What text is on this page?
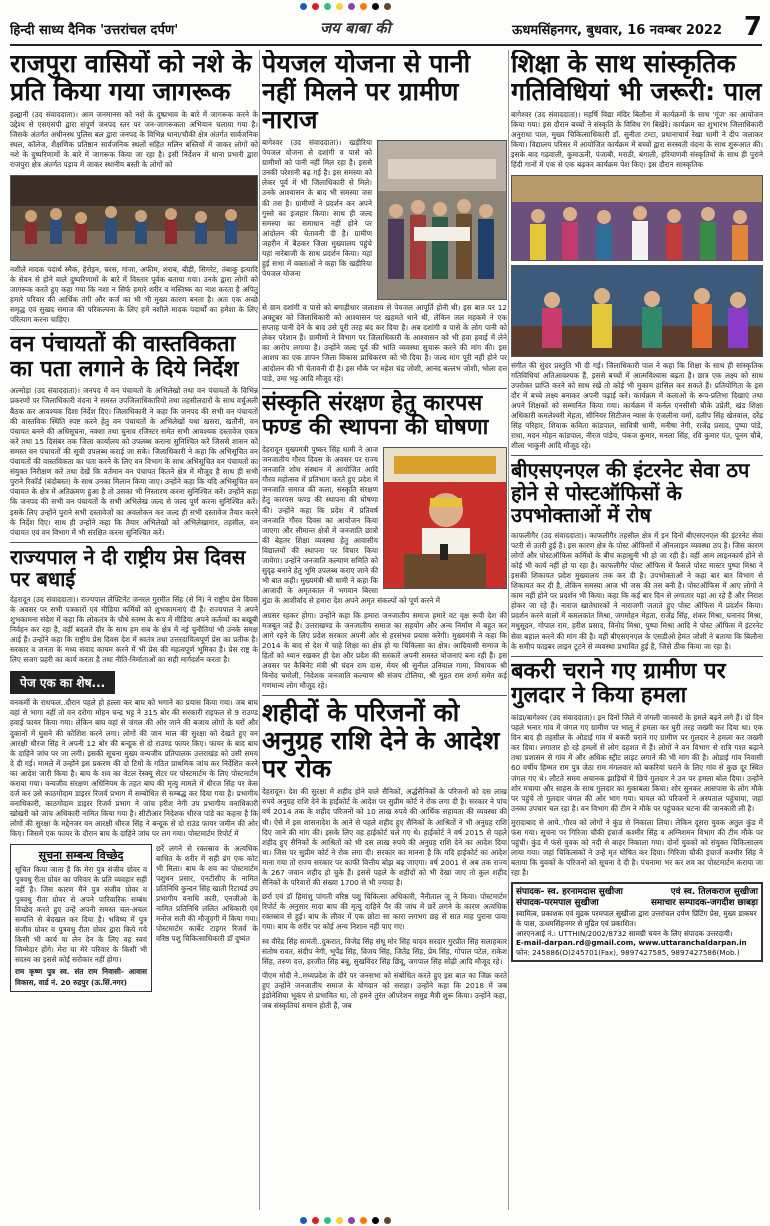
हिन्दी साध्य दैनिक 'उत्तरांचल दर्पण'	जय बाबा की	ऊधमसिंहनगर, बुधवार, 16 नवम्बर 2022 7
राजपुरा वासियों को नशे के प्रति किया गया जागरूक

हल्द्वानी (उद संवाददाता)। आम जनमानस को नशे के दुष्प्रभाव के बारे में जागरूक करने के उद्देश्य से एसएसपी द्वारा संपूर्ण जनपद स्तर पर जन-जागरूकता अभियान चलाया गया है। जिसके अंतर्गत अधीनस्थ पुलिस बल द्वारा जनपद के विभिन्न थाना/चौकी क्षेत्र अंतर्गत सार्वजनिक स्थल, कॉलेज, शैक्षणिक प्रतिष्ठान सार्वजनिक स्थलों सहित मलिन बस्तियों में जाकर लोगों को नशे के दुष्परिणामों के बारे में जागरूक किया जा रहा है। इसी निर्देशन में थाना प्रभारी द्वारा राजपुरा क्षेत्र अंतर्गत पड़ाव में जाकर स्थानीय बस्ती के लोगों को

नशीले मादक पदार्थ स्मैक, हेरोइन, चरस, गांजा, अफीम, शराब, बीड़ी, सिगरेट, तंबाकू इत्यादि के सेवन से होने वाले दुष्परिणामों के बारे में विस्तार पूर्वक बताया गया। उनके द्वारा लोगों को जागरूक करते हुए कहा गया कि नशा न सिर्फ हमारे शरीर व मस्तिष्क का नाश करता है अपितु हमारे परिवार की आर्थिक तंगी और कर्ज का भी भी मुख्य कारण बनता है। अतः एक अच्छे समृद्ध एवं सुखद समाज की परिकल्पना के लिए हमें नशीले मादक पदार्थों का हमेशा के लिए परित्याग करना चाहिए।

वन पंचायतों की वास्तविकता का पता लगाने के दिये निर्देश

अल्मोड़ा (उद संवाददाता)। जनपद में वन पंचायतों के अभिलेखों तथा वन पंचायतों के विभिन्न प्रकरणों पर जिलाधिकारी वंदना ने समस्त उपजिलाधिकारियों तथा तहसीलदारों के साथ वर्चुअली बैठक कर आवश्यक दिशा निर्देश दिए। जिलाधिकारी ने कहा कि जनपद की सभी वन पंचायतों की वास्तविक स्थिति स्पष्ट करने हेतु वन पंचायतों के अभिलेखों यथा खसरा, खतौनी, वन पंचायत बनने की अधिसूचना, नक्शा तथा चुनाव रजिस्टर समेत सभी आवश्यक दस्तावेज एकत्र करें तथा 15 दिसंबर तक जिला कार्यालय को उपलब्ध कराना सुनिश्चित करें जिससे शासन को समस्त वन पंचायतों की सूची उपलब्ध कराई जा सके। जिलाधिकारी ने कहा कि अभिसूचित वन पंचायतों की वास्तविकता का पता करने के लिए वन विभाग के साथ अभिसूचित वन पंचायतों का संयुक्त निरीक्षण करें तथा देखें कि वर्तमान वन पंचायत कितने क्षेत्र में मौजूद है साथ ही सभी पुराने रिकॉर्ड (बंदोबस्त) के साथ उनका मिलान किया जाए। उन्होंने कहा कि यदि अभिसूचित वन पंचायत के क्षेत्र में अतिक्रमण हुआ है तो उसका भी निस्तारण करना सुनिश्चित करें। उन्होंने कहा कि जनपद की सभी वन पंचायतों के सभी अभिलेख जल्द से जल्द पूर्ण करना सुनिश्चित करें। इसके लिए उन्होंने पुराने सभी दस्तावेजों का अवलोकन कर जल्द ही सभी दस्तावेज तैयार करने के निर्देश दिए। साथ ही उन्होंने कहा कि तैयार अभिलेखों को अभिलेखागार, तहसील, वन पंचायत एवं वन विभाग में भी संरक्षित करना सुनिश्चित करें।

राज्यपाल ने दी राष्ट्रीय प्रेस दिवस पर बधाई

देहरादून (उद संवाददाता)। राज्यपाल लेफ्टिनेंट जनरल गुरमीत सिंह (से नि) ने राष्ट्रीय प्रेस दिवस के अवसर पर सभी पत्रकारों एवं मीडिया कर्मियों को शुभकामनाएं दी हैं। राज्यपाल ने अपने शुभकामना संदेश में कहा कि लोकतंत्र के चौथे स्तम्भ के रूप में मीडिया अपने कर्तव्यों का बखूबी निर्वहन कर रहा है, वहीं बदलते दौर के साथ हम सब के क्षेत्र में नई चुनौतियां भी उनके समक्ष आई हैं। उन्होंने कहा कि राष्ट्रीय प्रेस दिवस देश में स्वतंत्र तथा उत्तरदायित्वपूर्ण प्रेस का प्रतीक है। सरकार व जनता के मध्य संवाद कायम करने में भी प्रेस की महत्वपूर्ण भूमिका है। प्रेस राष्ट्र के लिए सजग प्रहरी का कार्य करता है तथा नीति-निर्माताओं का सही मार्गदर्शन करता है।

पेज एक का शेष...

वनकर्मी के राधफल..दौरान पहले हो हल्ला कर बाघ को भगाने का प्रयास किया गया। जब बाघ वहां से भागा नहीं तो वन दरोगा मोहन चन्द्र भट्ट ने 315 बोर की सरकारी राइफल से 9 राउण्ड हवाई फायर किया गया। लेकिन बाघ वहां से जंगल की ओर जाने की बजाय लोगों के घरों और दुकानों में घुसने की कोशिश करने लगा। लोगों की जान माल की सुरक्षा को देखते हुए वन आरक्षी धीरज सिंह ने अपनी 12 बोर की बन्दूक से दो राउण्ड फायर किए। फायर के बाद बाघ के दाहिने जांघ पर जा लगी। इसकी सूचना मुख्य वन्यजीव प्रतिपालक उत्तराखंड को उसी समय दे दी गई। मामले में उन्होंने इस प्रकरण की दो टिमों के गठित प्राथमिक जांच कर निर्देशित करने का आदेश जारी किया है। बाघ के शव का वेटल रेस्क्यू सेंटर पर पोस्टमार्टम के लिए पोस्टमार्टम कराया गया। वन्यजीव संरक्षण अधिनियम के तहत बाघ की मृत्यु मामले में धीरज सिंह पर केस दर्ज कर उसे काठगोदाम डाइरर रिजर्व प्रभाग में सम्बोधित से सम्बद्ध कर दिया गया है। प्रभागीय वनाधिकारी, काठगोदाम डाइरर रिजर्व प्रभाग ने जांच हरीश नेगी उप प्रभागीय वनाधिकारी खोखरी को जांच अधिकारी नामित किया गया है। सीटीआर निदेशक धीरज पांडे का कहना है कि लोगों की सुरक्षा के मद्देनजर वन आरक्षी धीरज सिंह ने बन्दूक से दो राउंड फायर जमीन की ओर किए। जिसमें एक फायर के दौरान बाघ के दाहिने जांघ पर लग गया। पोस्टमार्टम रिपोर्ट में

सूचना सम्बन्ध विच्छेद

सूचित किया जाता है कि मेरा पुत्र संजीव ग्रोवर व पुत्रवधु रीता ग्रोवर का परिवार के प्रति व्यवहार सही नहीं है। जिस कारण मैंने पुत्र संजीव ग्रोवर व पुत्रवधु रीता ग्रोवर से अपने पारिवारिक सम्बंध विच्छेद करते हुए उन्हें अपनी समस्त चल-अचल सम्पत्ति से बेदखल कर दिया है। भविष्य में पुत्र संजीव ग्रोवर व पुत्रवधु रीता ग्रोवर द्वारा किये गये किसी भी कार्य या लेन देन के लिए वह स्वयं जिम्मेदार होंगे। मेरा या मेरे परिवार के किसी भी सदस्य का इससे कोई सरोकार नहीं होगा।

राम कृष्ण पुत्र स्व. संत राम निवासी- आवास विकास, वार्ड नं. 20 रुद्रपुर (ऊ.सिं.नगर)

छर्रे लगने से रक्तस्राव के अत्यधिक बाधित के शरीर में सही ढंग एक कोट भी मिला। बाघ के शव का पोस्टमार्टम पशुधन प्रसार, एनटीसीए के नामित प्रतिनिधि कुन्दन सिंह खाती रिटायर्ड उप प्रभागीय वनाधि कारी, एनजीओ के नामित प्रतिनिधि ललित अधिकारी एवं मनोज सती की मौजूदगी में किया गया। पोस्टमार्टम कार्बेट टाइगर रिजर्व के वरिष्ठ पशु चिकित्साधिकारी डॉ दुष्यंत

पेयजल योजना से पानी नहीं मिलने पर ग्रामीण नाराज

बागेश्वर (उद संवाददाता)। खड़ीरिया पेयजल योजना से दशांगी व पासे को ग्रामीणों को पानी नहीं मिल रहा है। इससे उनकी परेशानी बढ़ गई है। इस समस्या को लेकर पूर्व में भी जिलाधिकारी से मिले। उनके आश्वासन के बाद भी समस्या जस की तस है। ग्रामीणों ने प्रदर्शन कर अपने गुस्से का इजहार किया। साथ ही जल्द समस्या का समाधान नहीं होने पर आंदोलन की चेतावनी दी है। ग्रामीण जहरीन में बैठकर जिला मुख्यालय पहुंचे यहां नारेबाजी के साथ प्रदर्शन किया। यहां हुई सभा में वक्ताओं ने कहा कि खड़ीरिया पेयजल योजना

से ग्राम दशांगी व पासे को बगाड़ीधार जलाशय से पेयजल आपूर्ति होनी थी। इस बात पर 12 अक्टूबर को जिलाधिकारी को आश्वासन पर खहमते थाने थी, लेकिन जल महकमे ने एक सप्ताह पानी देने के बाद उसे पूरी तरह बंद कर दिया है। अब दशांगी व पासे के लोग पानी को लेकर परेशान हैं। ग्रामीणों ने विभाग पर जिलाधिकारी के आश्वासन को भी हवा हवाई में लेने का आरोप लगाया है। उन्होंने जल्द पूर्व की भांति व्यवस्था सुचारू करने की मांग की। इस आशय का एक ज्ञापन जिला विकास प्राधिकरण को भी दिया है। जल्द मांग पूरी नहीं होने पर आंदोलन की भी चेतावनी दी है। इस मौके पर महेश चंद्र जोशी, आनंद बल्लभ जोशी, भोला दत्त पांडे, उमा भट्ट आदि मौजूद रहे।

संस्कृति संरक्षण हेतु कारपस फण्ड की स्थापना की घोषणा

देहरादून मुख्यमंत्री पुष्कर सिंह धामी ने आज जनजातीय गौरव दिवस के अवसर पर राज्य जनजाति शोध संस्थान में आयोजित आदि गौरव महोत्सव में प्रतिभाग करते हुए प्रदेश में जनजाति समाज की कला, संस्कृति संरक्षण हेतु कारपस फण्ड की स्थापना की घोषणा की। उन्होंने कहा कि प्रदेश में प्रतिवर्ष जनजाति गौरव दिवस का आयोजन किया जाएगा और सीमान्त क्षेत्रों में जनजाति छात्रों की बेहतर शिक्षा व्यवस्था हेतु आवासीय विद्यालयों की स्थापना पर विचार किया जायेगा। उन्होंने जनजाति कल्याण समिति को सुदृढ़ बनाने हेतु भूमि उपलब्ध कराए जाने की भी बात कही। मुख्यमंत्री श्री धामी ने कहा कि आजादी के अमृतकाल में भगवान बिरसा मुंडा के आशीर्वाद से हमारा देश अपने अमृत संकल्पों को पूर्ण करने में

अग्रसर रहकर होगा। उन्होंने कहा कि हमारा जनजातीय समाज हमारे वट वृक्ष रूपी देश की मजबूत जड़ें हैं। उत्तराखण्ड के जनजातीय समाज का सहयोग और अन्य निर्माण में बहुत कर आगे रहने के लिए प्रदेश सरकार अपनी ओर से हरसंभव प्रयास करेगी। मुख्यमंत्री ने कहा कि 2014 के बाद से देश में चाहे शिक्षा का क्षेत्र हो या चिकित्सा का क्षेत्र। आदिवासी समाज के हितों को ध्यान रखकर ही देश और प्रदेश की सरकारें अपनी समस्त योजनाएं बना रही हैं। इस अवसर पर कैबिनेट मंत्री श्री चंदन राम दास, मेयर श्री सुनील उनियाल गामा, विधायक श्री विनोद चमोली, निदेशक जनजाति कल्याण श्री संजय टोलिया, श्री मुहत राम शर्मा समेत कई गणमान्य लोग मौजूद रहे।

शहीदों के परिजनों को अनुग्रह राशि देने के आदेश पर रोक

देहरादून। देश की सुरक्षा में शहीद होने वाले सैनिकों, अर्द्धसैनिकों के परिजनों को दस लाख रुपये अनुग्रह राशि देने के हाईकोर्ट के आदेश पर सुप्रीम कोर्ट ने रोक लगा दी है। सरकार ने पांच वर्ष 2014 तक के शहीद परिजनों को 10 लाख रुपये की आर्थिक सहायता की व्यवस्था की थी। ऐसे में इस शासनादेश के आने से पहले शहीद हुए सैनिकों के आश्रितों ने भी अनुग्रह राशि दिए जाने की मांग की। इसके लिए वह हाईकोर्ट चले गए थे। हाईकोर्ट ने वर्ष 2015 से पहले शहीद हुए सैनिकों के आश्रितों को भी दस लाख रुपये की अनुग्रह राशि देने का आदेश दिया था। जिस पर सुप्रीम कोर्ट ने रोक लगा दी। सरकार का मानना है कि यदि हाईकोर्ट का आदेश माना गया तो राज्य सरकार पर काफी वित्तीय बोझ बढ़ जाएगा। वर्ष 2001 से अब तक राज्य के 267 जवान शहीद हो चुके हैं। इससे पहले के शहीदों को भी देखा जाए तो कुल शहीद सैनिकों के परिवारों की संख्या 1700 से भी ज्यादा है।

छर्रा एवं डॉ हिमांशु पांगती वरिष्ठ पशु चिकित्सा अधिकारी, नैनीताल जू ने किया। पोस्टमार्टम रिपोर्ट के अनुसार मादा बाघ की मृत्यु दाहिने पैर की जांघ में छर्रे लगने के कारण अत्यधिक रक्तस्राव से हुई। बाघ के लीवर में एक छोटा सा कारा लगभग छह से सात माह पुराना पाया गया। बाघ के शरीर पर कोई अन्य निशान नहीं पाए गए।

स्व वीरेंद्र सिंह सामंती..दुकरात, विजेंद्र सिंह संधू मोर सिंह यादव सरदार गुरप्रीत सिंह सलाहकार संतोष रावत, संदीप नेगी, भूपेंद्र सिंह, विजय सिंह, जितेंद्र सिंह, प्रेम सिंह, गोपाल पटेल, राकेश सिंह, तरुण दत्त, हरजीत सिंह बंबू, सुखविंदर सिंह छिंदू, जगपाल सिंह सोढ़ी आदि मौजूद रहे।

पीएम मोदी ने..मध्यप्रदेश के दौरे पर जनसभा को संबोधित करते हुए इस बात का जिक्र करते हुए उन्होंने जनजातीय समाज के योगदान को सराहा। उन्होंने कहा कि 2018 में जब इंडोनेशिया भूकंप से प्रभावित था, तो हमने तुरंत ऑपरेशन समुद्र मैत्री शुरू किया। उन्होंने कहा, जब संस्कृतियां समान होती हैं, जब

शिक्षा के साथ सांस्कृतिक गतिविधियां भी जरूरी: पाल

बागेश्वर (उद संवाददाता)। महर्षि विद्या मंदिर बिलौना में कार्यक्रमों के साथ 'गूंज' का आयोजन किया गया। इस दौरान बच्चों ने संस्कृति के विविध रंग बिखेरे। कार्यक्रम का शुभारंभ जिलाधिकारी अनुराधा पाल, मुख्य चिकित्साधिकारी डॉ. सुनीता टम्टा, प्रधानाचार्य रेखा धामी ने दीप जलाकर किया। विद्यालय परिसर में आयोजित कार्यक्रम में बच्चों द्वारा सरस्वती वंदना के साथ शुरूआत की। इसके बाद गढ़वाली, कुमाऊनी, पंजाबी, मराठी, बंगाली, हरियाणवी संस्कृतियों के साथ ही पुराने हिंदी गानों में एक से एक बढ़कर कार्यक्रम पेश किए। इस दौरान सास्कृतिक

संगीत की सुंदर प्रस्तुति भी दी गई। जिलाधिकारी पाल ने कहा कि शिक्षा के साथ ही सांस्कृतिक गतिविधियां अतिआवश्यक हैं, इससे बच्चों में आत्मविश्वास बढ़ता है। छात्र एक लक्ष्य को साथ उपरोक्त प्राप्ति करने को साथ रखें तो कोई भी मुकाम हासिल कर सकते हैं। प्रतियोगिता के इस दौर में बच्चे लक्ष्य बनाकर अपनी पढ़ाई करें। कार्यक्रम में कलाओं के रूप-प्रतिभा दिखाएं तथा अपने शिक्षकों को सम्मानित किया गया। कार्यक्रम में कर्नल एनसीसी चौके उप्रेती, खंड शिक्षा अधिकारी कमलेश्वरी मेहता, सीनियर सिटीजन न्यास के एंजलीना वर्मा, दलीप सिंह खेतवाल, दरेंद्र सिंह परिहार, शिवाक कविता कांडपाल, सावित्री धामी, मनीषा नेगी, राजेंद्र प्रसाद, पुष्पा पांडे, राधा, मदन मोहन कांडपाल, नीरज पांडेय, पंकज कुमार, मनला सिंह, रवि कुमार पंत, पूनम चौबे, शीला भाकुनी आदि मौजूद रहे।

बीएसएनएल की इंटरनेट सेवा ठप होने से पोस्टऑफिसों के उपभोक्ताओं में रोष

काफलीगैर (उद संवाददाता)। काफलीगैर तहसील क्षेत्र में इन दिनों बीएसएनएल की इंटरनेट सेवा पटरी से उतरी हुई है। इस कारण क्षेत्र के पोस्ट ऑफिसों में ऑनलाइन व्यवस्था ठप है। जिस कारण लोगों और पोस्टऑफिस कर्मियों के बीच कहासुनी भी हो जा रही है। वहीं आम लाइनकार्य होने से कोई भी कार्य नहीं हो पा रहा है। काफलीगैर पोस्ट ऑफिस में फैसले पोस्ट मास्टर पुष्पा मिश्रा ने इसकी शिकायत प्रदेश मुख्यालय तक कर दी है। उपभोक्ताओं ने कहा बार बार विभाग से शिकायत कर दी है, लेकिन समस्या आज भी जस की तस बनी है। पोस्टऑफिस में आए लोगों ने काम नहीं होने पर प्रदर्शन भी किया। कहा कि कई बार दिन से लगातार यहां आ रहे हैं और निराश होकर जा रहे हैं। नाराज खातेधारकों ने नाराजगी जताते हुए पोस्ट ऑफिस में प्रदर्शन किया। प्रदर्शन करने वालों में कमलकांत मिश्रा, जगमोहन मेहता, राजेंद्र सिंह, शंकर मिश्रा, घनानंद मिश्रा, मधुसूदन, गोपाल राम, हरीश प्रसाद, विनोद मिश्रा, पुष्पा मिश्रा आदि ने पोस्ट ऑफिस में इंटरनेट सेवा बहाल करने की मांग की है। वहीं बीएसएनएल के एसडीओ हेमंत जोशी ने बताया कि बिलौना के समीप फाइबर लाइन टूटने से व्यवस्था प्रभावित हुई है, जिसे ठीक किया जा रहा है।

बकरी चराने गए ग्रामीण पर गुलदार ने किया हमला

कांडा/बागेश्वर (उद संवाददाता)। इन दिनों जिले में जंगली जानवरों के हमले बढ़ने लगे हैं। दो दिन पहले भनार गांव में जंगल गए ग्रामीण पर भालू ने हमला कर घुरी तरह जख्मी कर दिया था। एक दिन बाद ही तहसील के ओडाई गांव में बकरी चराने गए ग्रामीण पर गुलदार ने हमला कर जख्मी कर दिया। लगातार हो रहे हमलों से लोग दहशत में हैं। लोगों ने वन विभाग से रात्रि गश्त बढ़ाने तथा प्रशासन से गांव में और अधिक स्ट्रीट लाइट लगाने की भी मांग की है। ओडाई गांव निवासी 60 वर्षीय हिम्मत राम पुत्र जेठा राम मंगलवार को बकरियां चराने के लिए गांव से कुछ दूर स्थित जंगल गए थे। लौटते समय अचानक झाड़ियों में छिपे गुलदार ने उन पर हमला बोल दिया। उन्होंने शोर मचाया और साहस के साथ गुलदार का मुकाबला किया। शोर सुनकर आसपास के लोग मौके पर पहुंचे तो गुलदार जंगल की ओर भाग गया। घायल को परिजनों ने अस्पताल पहुंचाया, जहां उनका उपचार चल रहा है। वन विभाग की टीम ने मौके पर पहुंचकर घटना की जानकारी ली है।

मुरादाबाद से आये..गौरव को लोगों ने कुंड से निकाला लिया। लेकिन दूसरा युवक अतुल कुंड में फंस गया। सूचना पर गिरिजा चौकी इंचार्ज कश्मीर सिंह व अग्निशमन विभाग की टीम मौके पर पहुंची। कुंड में फंसे युवक को नदी से बाहर निकाला गया। दोनों युवकों को संयुक्त चिकित्सालय लाया गया। जहां चिकित्सकों ने उन्हें मृत घोषित कर दिया। गिरिजा चौकी इंचार्ज कश्मीर सिंह ने बताया कि युवकों के परिजनों को सूचना दे दी है। पंचनामा भर कर शव का पोस्टमार्टम कराया जा रहा है।

संपादक- स्व. हरनामदास सुखीजा	एवं स्व. तिलकराज सुखीजा
संपादक-परमपाल सुखीजा	समाचार सम्पादक-जगदीश छाबड़ा
स्वामित्व, प्रकाशक एवं मुद्रक परमपाल सुखीजा द्वारा उत्तरांचल दर्पण प्रिंटिंग प्रेस, मुख्य डाकघर के पास, ऊधमसिंहनगर से मुद्रित एवं प्रकाशित।
आरएनआई नं.: UTTHIN/2002/8732 सामग्री चयन के लिए संपादक उत्तरदायी।
E-mail-darpan.rd@gmail.com, www.uttaranchaldarpan.in
फोन: 245886(O)245701(Fax), 9897427585, 9897427586(Mob.)
